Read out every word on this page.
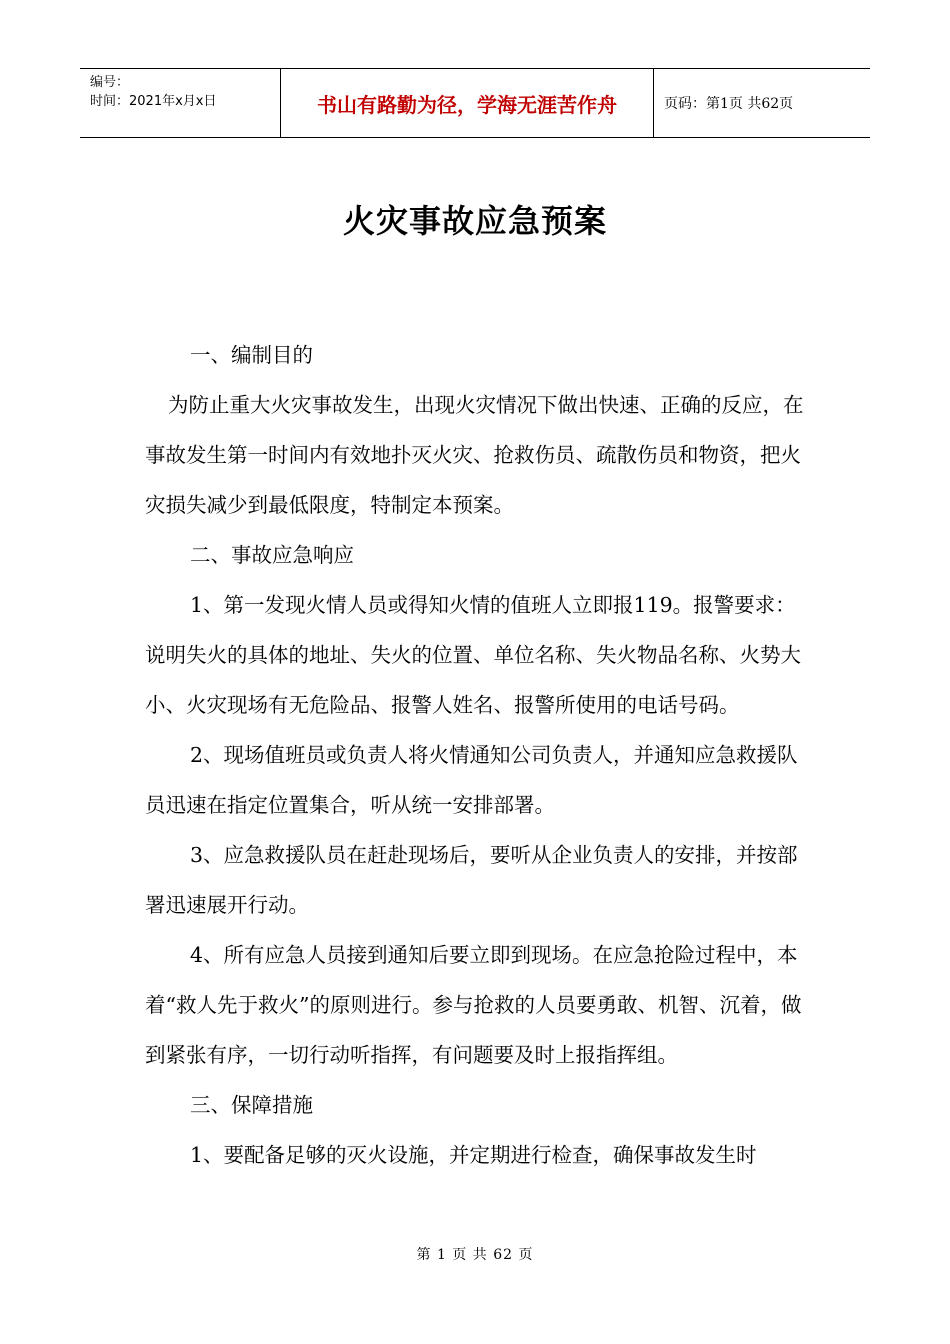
编号：
时间：2021年x月x日	书山有路勤为径，学海无涯苦作舟	页码：第1页 共62页
火灾事故应急预案

一、编制目的

为防止重大火灾事故发生，出现火灾情况下做出快速、正确的反应，在事故发生第一时间内有效地扑灭火灾、抢救伤员、疏散伤员和物资，把火灾损失减少到最低限度，特制定本预案。

二、事故应急响应

1、第一发现火情人员或得知火情的值班人立即报119。报警要求：说明失火的具体的地址、失火的位置、单位名称、失火物品名称、火势大小、火灾现场有无危险品、报警人姓名、报警所使用的电话号码。

2、现场值班员或负责人将火情通知公司负责人，并通知应急救援队员迅速在指定位置集合，听从统一安排部署。

3、应急救援队员在赶赴现场后，要听从企业负责人的安排，并按部署迅速展开行动。

4、所有应急人员接到通知后要立即到现场。在应急抢险过程中，本着“救人先于救火”的原则进行。参与抢救的人员要勇敢、机智、沉着，做到紧张有序，一切行动听指挥，有问题要及时上报指挥组。

三、保障措施

1、要配备足够的灭火设施，并定期进行检查，确保事故发生时

第 1 页 共 62 页
